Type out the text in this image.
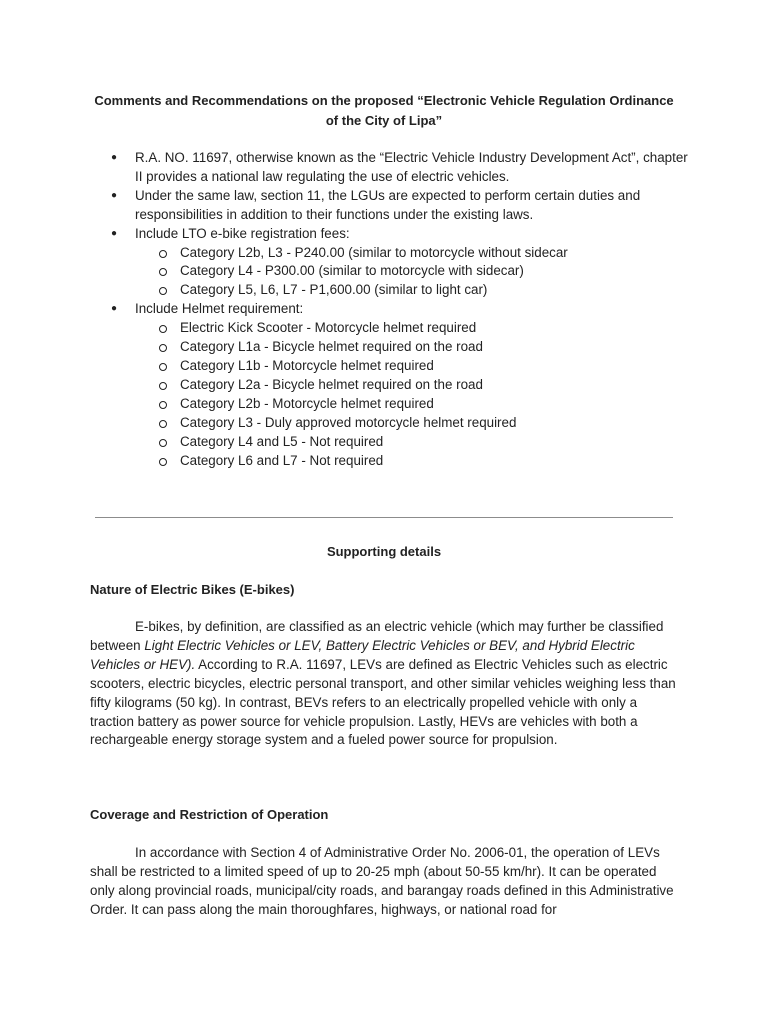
Comments and Recommendations on the proposed “Electronic Vehicle Regulation Ordinance of the City of Lipa”
● R.A. NO. 11697, otherwise known as the “Electric Vehicle Industry Development Act”, chapter II provides a national law regulating the use of electric vehicles.
● Under the same law, section 11, the LGUs are expected to perform certain duties and responsibilities in addition to their functions under the existing laws.
● Include LTO e-bike registration fees:
Category L2b, L3 - P240.00 (similar to motorcycle without sidecar
Category L4 - P300.00 (similar to motorcycle with sidecar)
Category L5, L6, L7 - P1,600.00 (similar to light car)
● Include Helmet requirement:
Electric Kick Scooter - Motorcycle helmet required
Category L1a - Bicycle helmet required on the road
Category L1b - Motorcycle helmet required
Category L2a - Bicycle helmet required on the road
Category L2b - Motorcycle helmet required
Category L3 - Duly approved motorcycle helmet required
Category L4 and L5 - Not required
Category L6 and L7 - Not required
Supporting details
Nature of Electric Bikes (E-bikes)

E-bikes, by definition, are classified as an electric vehicle (which may further be classified between Light Electric Vehicles or LEV, Battery Electric Vehicles or BEV, and Hybrid Electric Vehicles or HEV). According to R.A. 11697, LEVs are defined as Electric Vehicles such as electric scooters, electric bicycles, electric personal transport, and other similar vehicles weighing less than fifty kilograms (50 kg). In contrast, BEVs refers to an electrically propelled vehicle with only a traction battery as power source for vehicle propulsion. Lastly, HEVs are vehicles with both a rechargeable energy storage system and a fueled power source for propulsion.

Coverage and Restriction of Operation

In accordance with Section 4 of Administrative Order No. 2006-01, the operation of LEVs shall be restricted to a limited speed of up to 20-25 mph (about 50-55 km/hr). It can be operated only along provincial roads, municipal/city roads, and barangay roads defined in this Administrative Order. It can pass along the main thoroughfares, highways, or national road for
